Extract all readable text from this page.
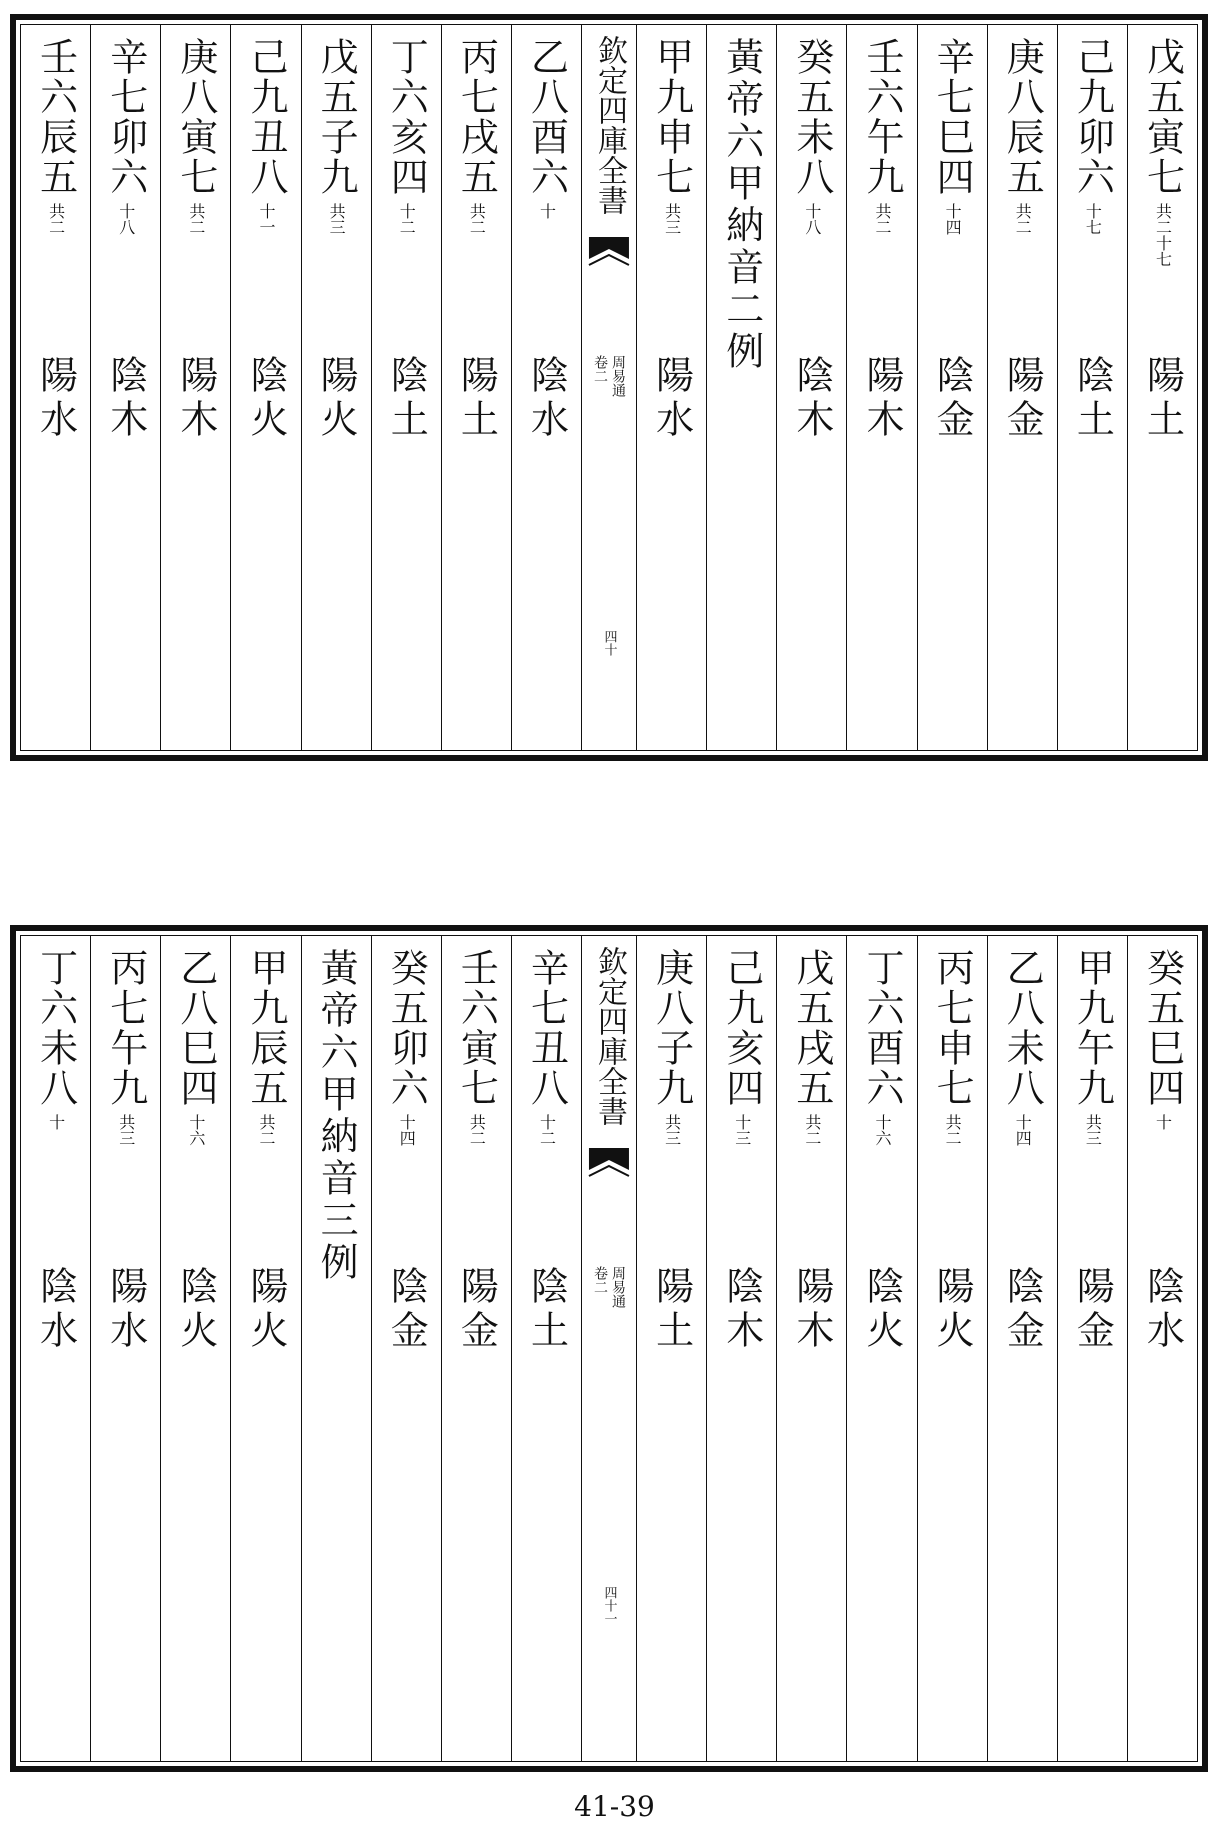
戊五寅七
共二十七
陽土
己九卯六
十七
陰土
庚八辰五
共二
陽金
辛七巳四
十四
陰金
壬六午九
共二
陽木
癸五未八
十八
陰木
黃帝六甲納音二例
甲九申七
共三
陽水
欽定四庫全書
周易通
卷二
四十
乙八酉六
十
陰水
丙七戌五
共二
陽土
丁六亥四
十二
陰土
戊五子九
共三
陽火
己九丑八
十一
陰火
庚八寅七
共二
陽木
辛七卯六
十八
陰木
壬六辰五
共二
陽水
癸五巳四
十
陰水
甲九午九
共三
陽金
乙八未八
十四
陰金
丙七申七
共二
陽火
丁六酉六
十六
陰火
戊五戌五
共二
陽木
己九亥四
十三
陰木
庚八子九
共三
陽土
欽定四庫全書
周易通
卷二
四十一
辛七丑八
十二
陰土
壬六寅七
共二
陽金
癸五卯六
十四
陰金
黃帝六甲納音三例
甲九辰五
共二
陽火
乙八巳四
十六
陰火
丙七午九
共三
陽水
丁六未八
十
陰水
41-39
